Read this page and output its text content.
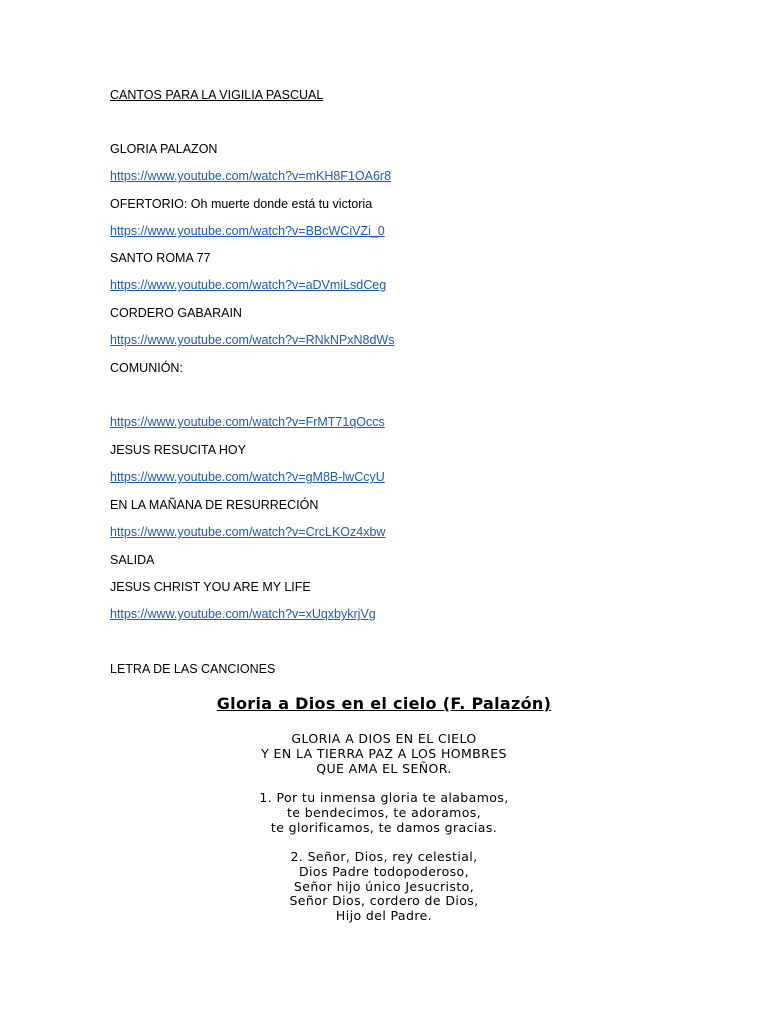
CANTOS PARA LA VIGILIA PASCUAL
GLORIA PALAZON
https://www.youtube.com/watch?v=mKH8F1OA6r8
OFERTORIO: Oh muerte donde está tu victoria
https://www.youtube.com/watch?v=BBcWCiVZi_0
SANTO ROMA 77
https://www.youtube.com/watch?v=aDVmiLsdCeg
CORDERO GABARAIN
https://www.youtube.com/watch?v=RNkNPxN8dWs
COMUNIÓN:
https://www.youtube.com/watch?v=FrMT71qOccs
JESUS RESUCITA HOY
https://www.youtube.com/watch?v=gM8B-lwCcyU
EN LA MAÑANA DE RESURRECIÓN
https://www.youtube.com/watch?v=CrcLKOz4xbw
SALIDA
JESUS CHRIST YOU ARE MY LIFE
https://www.youtube.com/watch?v=xUqxbykrjVg
LETRA DE LAS CANCIONES
Gloria a Dios en el cielo (F. Palazón)
GLORIA A DIOS EN EL CIELO
Y EN LA TIERRA PAZ A LOS HOMBRES
QUE AMA EL SEÑOR.
1. Por tu inmensa gloria te alabamos,
te bendecimos, te adoramos,
te glorificamos, te damos gracias.
2. Señor, Dios, rey celestial,
Dios Padre todopoderoso,
Señor hijo único Jesucristo,
Señor Dios, cordero de Dios,
Hijo del Padre.
